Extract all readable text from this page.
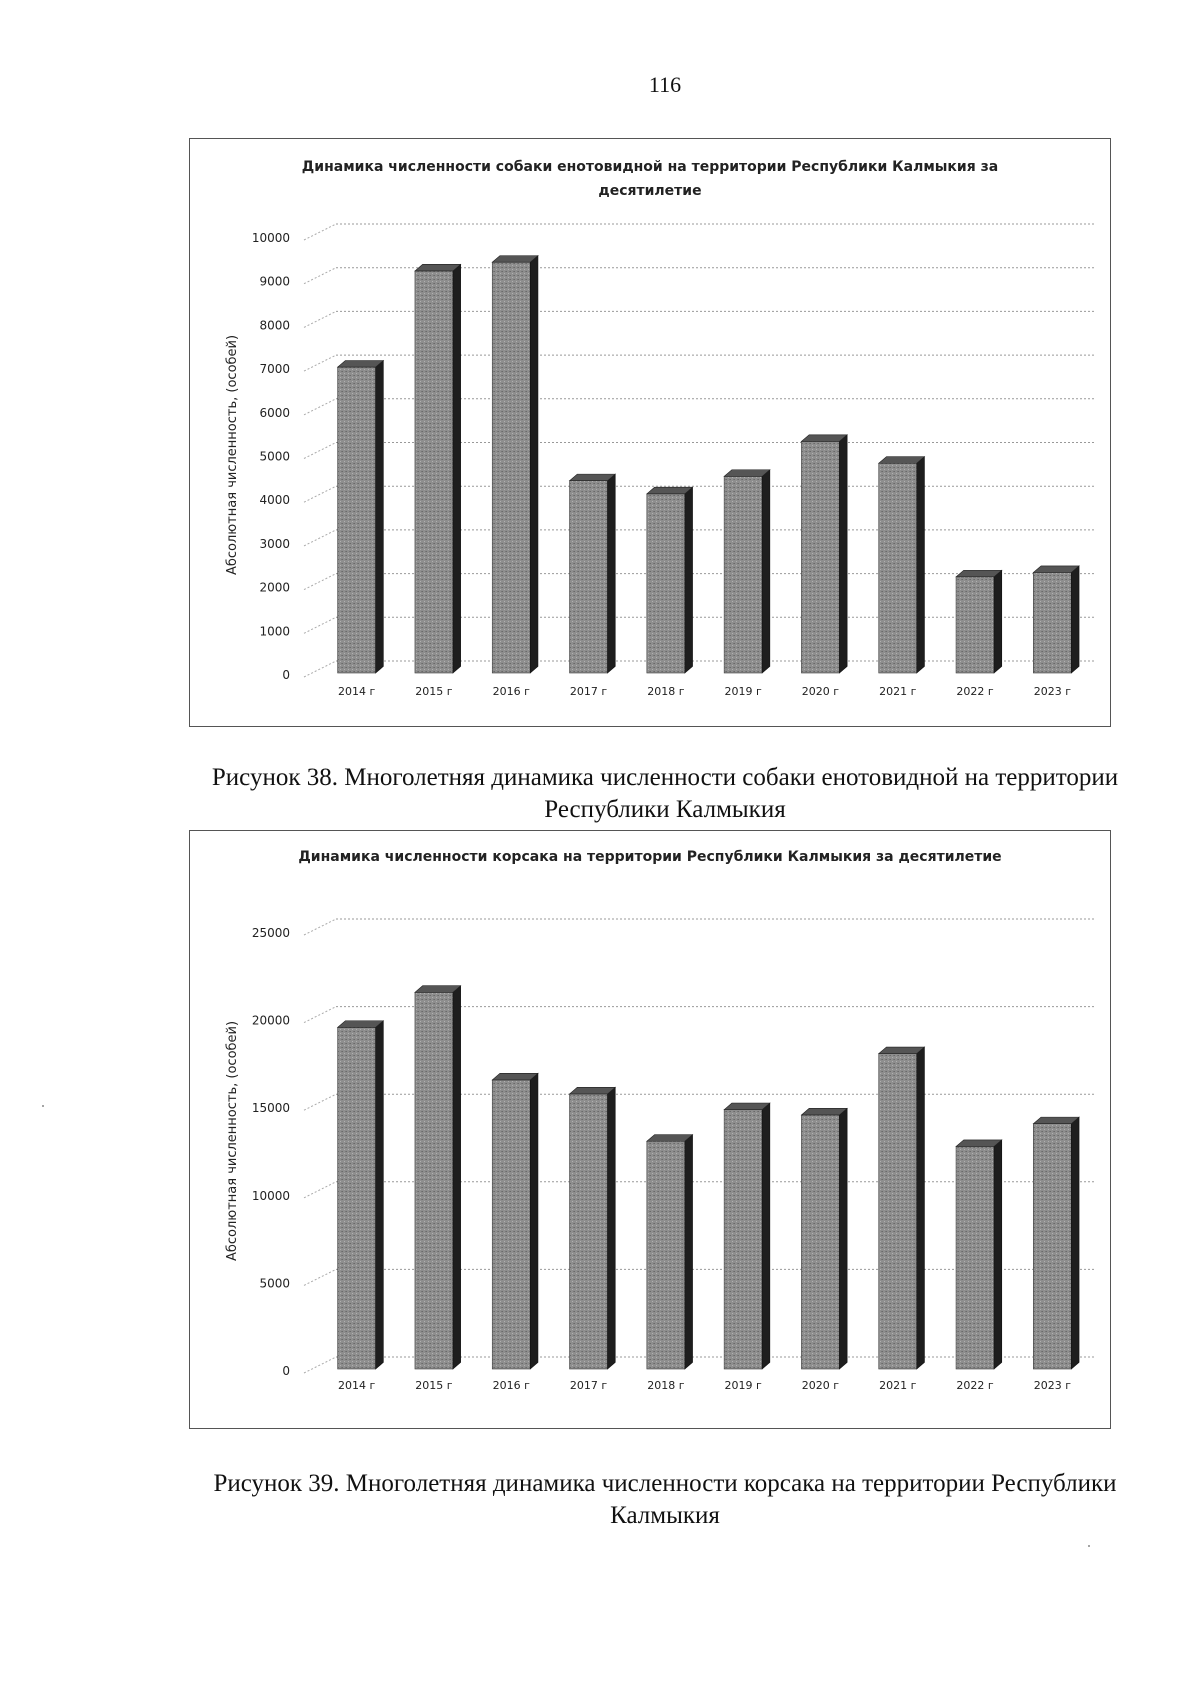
116
Динамика численности собаки енотовидной на территории Республики Калмыкия за десятилетие
0
1000
2000
3000
4000
5000
6000
7000
8000
9000
10000
Абсолютная численность, (особей)
2014 г	2015 г	2016 г	2017 г	2018 г	2019 г	2020 г	2021 г	2022 г	2023 г
Рисунок 38. Многолетняя динамика численности собаки енотовидной на территории Республики Калмыкия
Динамика численности корсака на территории Республики Калмыкия за десятилетие
0
5000
10000
15000
20000
25000
Абсолютная численность, (особей)
2014 г	2015 г	2016 г	2017 г	2018 г	2019 г	2020 г	2021 г	2022 г	2023 г
Рисунок 39. Многолетняя динамика численности корсака на территории Республики Калмыкия
